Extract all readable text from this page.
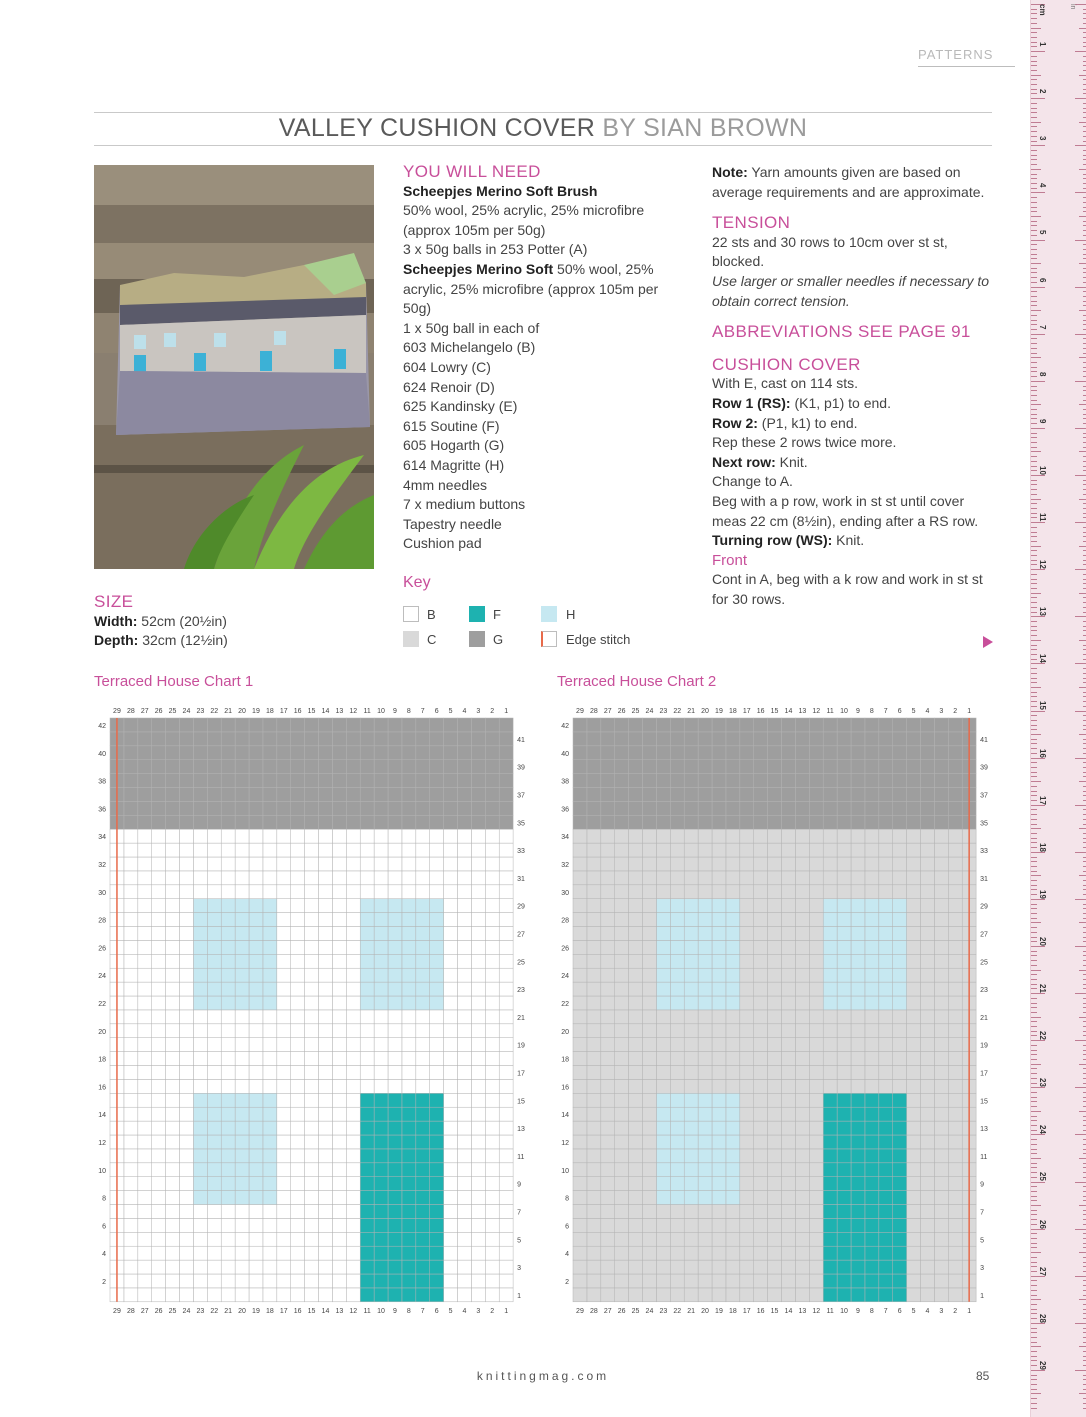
PATTERNS
VALLEY CUSHION COVER BY SIAN BROWN

SIZE

Width: 52cm (20½in)

Depth: 32cm (12½in)

YOU WILL NEED

Scheepjes Merino Soft Brush

50% wool, 25% acrylic, 25% microfibre (approx 105m per 50g)

3 x 50g balls in 253 Potter (A)

Scheepjes Merino Soft 50% wool, 25% acrylic, 25% microfibre (approx 105m per 50g)

1 x 50g ball in each of

603 Michelangelo (B)

604 Lowry (C)

624 Renoir (D)

625 Kandinsky (E)

615 Soutine (F)

605 Hogarth (G)

614 Magritte (H)

4mm needles

7 x medium buttons

Tapestry needle

Cushion pad

Key
B	F	H
C	G	Edge stitch

Note: Yarn amounts given are based on average requirements and are approximate.

TENSION

22 sts and 30 rows to 10cm over st st, blocked.

Use larger or smaller needles if necessary to obtain correct tension.

ABBREVIATIONS SEE PAGE 91

CUSHION COVER

With E, cast on 114 sts.

Row 1 (RS): (K1, p1) to end.

Row 2: (P1, k1) to end.

Rep these 2 rows twice more.

Next row: Knit.

Change to A.

Beg with a p row, work in st st until cover meas 22 cm (8½in), ending after a RS row.

Turning row (WS): Knit.

Front

Cont in A, beg with a k row and work in st st for 30 rows.

Terraced House Chart 1	Terraced House Chart 2
1
1
2
2
3
3
4
4
5
5
6
6
7
7
8
8
9
9
10
10
11
11
12
12
13
13
14
14
15
15
16
16
17
17
18
18
19
19
20
20
21
21
22
22
23
23
24
24
25
25
26
26
27
27
28
28
29
29
1
2
3
4
5
6
7
8
9
10
11
12
13
14
15
16
17
18
19
20
21
22
23
24
25
26
27
28
29
30
31
32
33
34
35
36
37
38
39
40
41
42
1
1
2
2
3
3
4
4
5
5
6
6
7
7
8
8
9
9
10
10
11
11
12
12
13
13
14
14
15
15
16
16
17
17
18
18
19
19
20
20
21
21
22
22
23
23
24
24
25
25
26
26
27
27
28
28
29
29
1
2
3
4
5
6
7
8
9
10
11
12
13
14
15
16
17
18
19
20
21
22
23
24
25
26
27
28
29
30
31
32
33
34
35
36
37
38
39
40
41
42
knittingmag.com	85
cm	in
1
2
3
4
5
6
7
8
9
10
11
12
13
14
15
16
17
18
19
20
21
22
23
24
25
26
27
28
29
